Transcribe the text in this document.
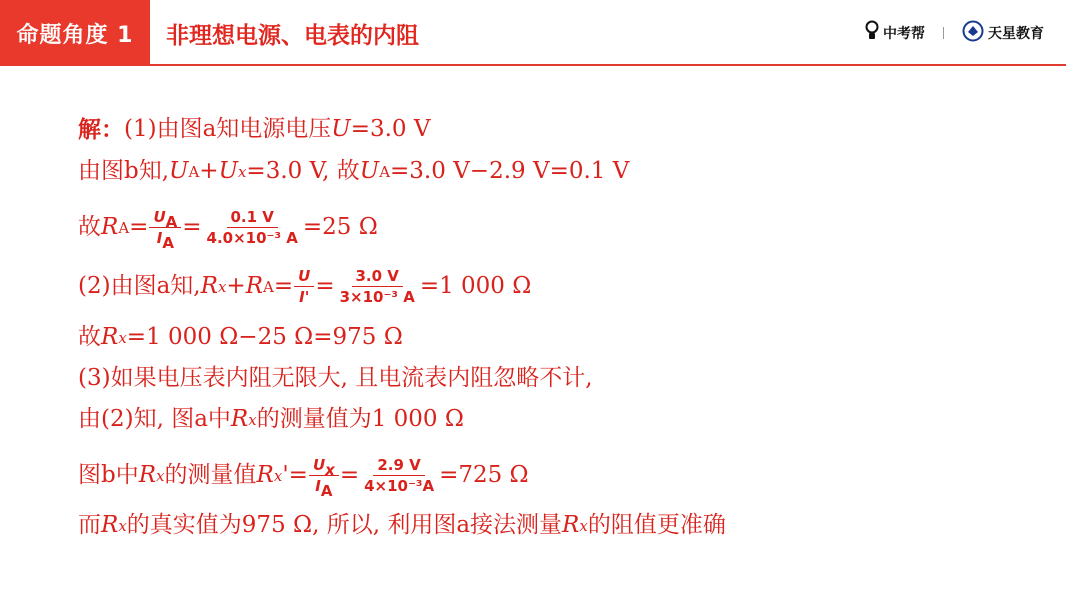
命题角度 1	非理想电源、电表的内阻	中考帮	天星教育
解： (1)由图a知电源电压 U =3.0 V
由图b知, U A + U x =3.0 V, 故 U A =3.0 V−2.9 V=0.1 V
故 R $A = \frac{U_A}{I_A} = \frac{0.1 V}{\text{4.0×10⁻³ A}} =25$ Ω
(2)由图a知, R x + R $A = \frac{U}{I'} = \frac{3.0 V}{\text{3×10⁻³ A}} =1$ 000 Ω
故 R x =1 000 Ω−25 Ω=975 Ω
(3)如果电压表内阻无限大, 且电流表内阻忽略不计,
由(2)知, 图a中 R x 的测量值为1 000 Ω
图b中 R x 的测量值 R x ' = $\frac{U_x}{I_A} = \frac{2.9 V}{\text{4×10⁻³A}} =725$ Ω
而 R x 的真实值为975 Ω, 所以, 利用图a接法测量 R x 的阻值更准确
